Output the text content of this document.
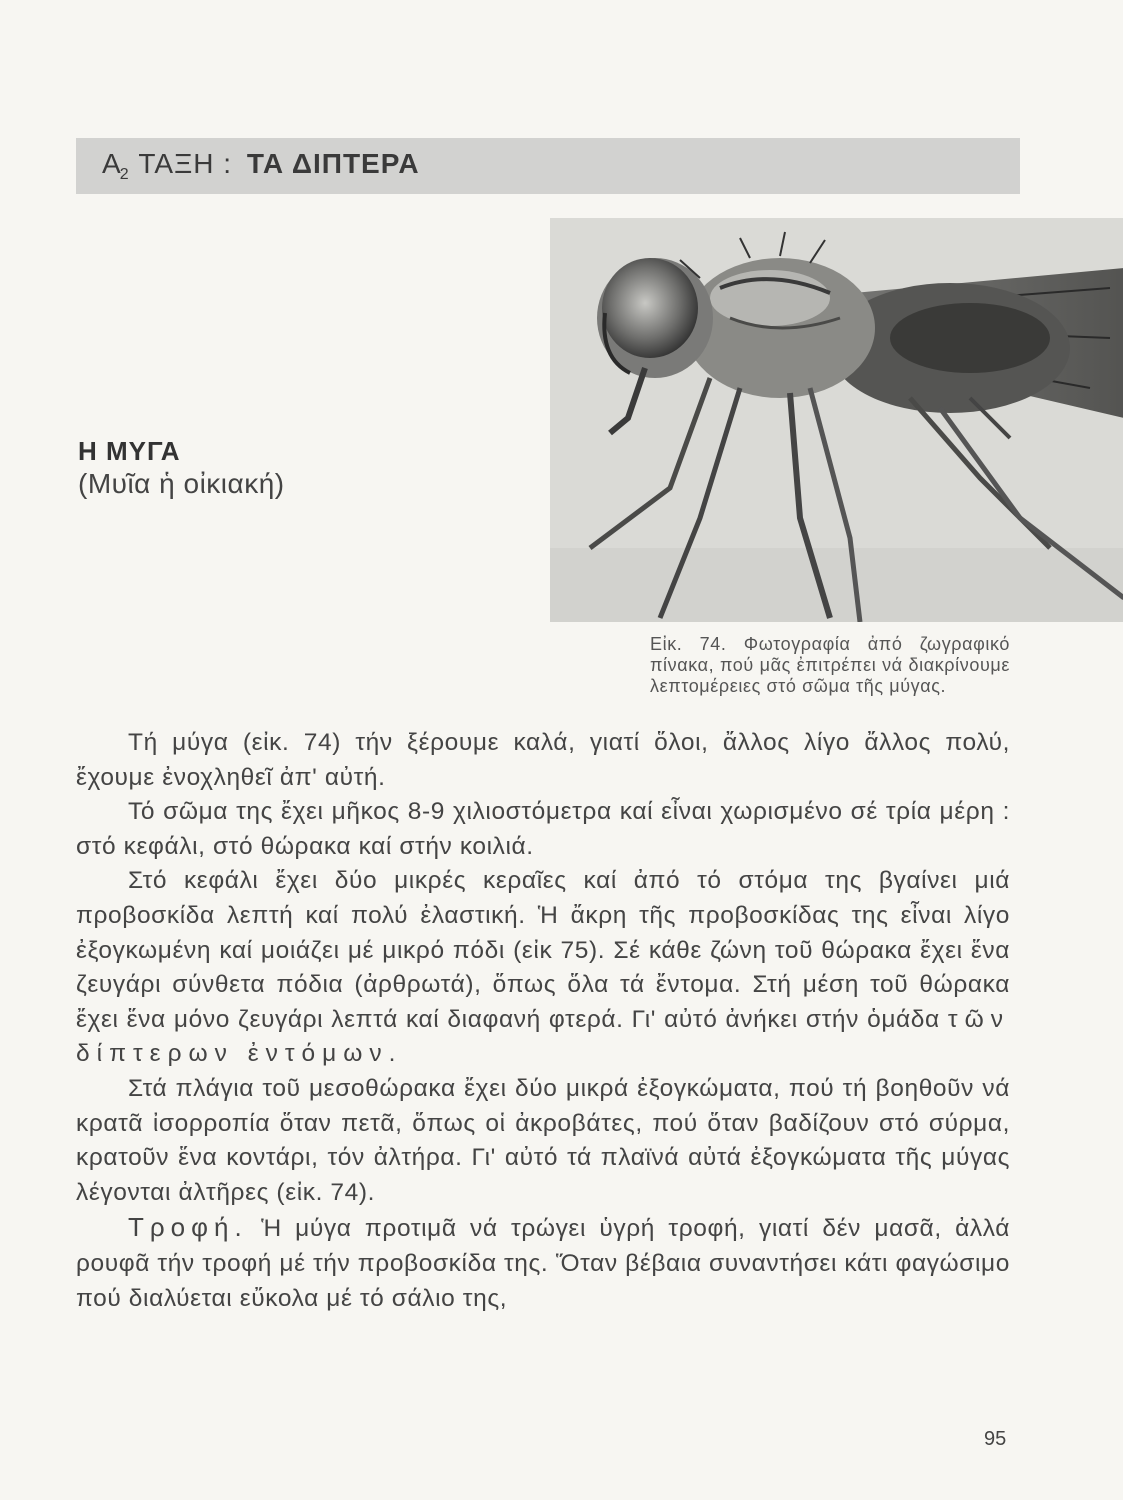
$A_2$ ΤΑΞΗ : ΤΑ ΔΙΠΤΕΡΑ
Η ΜΥΓΑ
(Μυῖα ἡ οἰκιακή)
Εἰκ. 74. Φωτογραφία ἀπό ζωγραφικό πίνακα, πού μᾶς ἐπιτρέπει νά διακρίνουμε λεπτομέρειες στό σῶμα τῆς μύγας.

Τή μύγα (εἰκ. 74) τήν ξέρουμε καλά, γιατί ὅλοι, ἄλλος λίγο ἄλλος πολύ, ἔχουμε ἐνοχληθεῖ ἀπ' αὐτή.

Τό σῶμα της ἔχει μῆκος 8-9 χιλιοστόμετρα καί εἶναι χωρισμένο σέ τρία μέρη : στό κεφάλι, στό θώρακα καί στήν κοιλιά.

Στό κεφάλι ἔχει δύο μικρές κεραῖες καί ἀπό τό στόμα της βγαίνει μιά προβοσκίδα λεπτή καί πολύ ἐλαστική. Ἡ ἄκρη τῆς προβοσκίδας της εἶναι λίγο ἐξογκωμένη καί μοιάζει μέ μικρό πόδι (εἰκ 75). Σέ κάθε ζώνη τοῦ θώρακα ἔχει ἕνα ζευγάρι σύνθετα πόδια (ἀρθρωτά), ὅπως ὅλα τά ἔντομα. Στή μέση τοῦ θώρακα ἔχει ἕνα μόνο ζευγάρι λεπτά καί διαφανή φτερά. Γι' αὐτό ἀνήκει στήν ὁμάδα τῶν δίπτερων ἐντόμων.

Στά πλάγια τοῦ μεσοθώρακα ἔχει δύο μικρά ἐξογκώματα, πού τή βοηθοῦν νά κρατᾶ ἰσορροπία ὅταν πετᾶ, ὅπως οἱ ἀκροβάτες, πού ὅταν βαδίζουν στό σύρμα, κρατοῦν ἕνα κοντάρι, τόν ἀλτήρα. Γι' αὐτό τά πλαϊνά αὐτά ἐξογκώματα τῆς μύγας λέγονται ἀλτῆρες (εἰκ. 74).

Τροφή. Ἡ μύγα προτιμᾶ νά τρώγει ὑγρή τροφή, γιατί δέν μασᾶ, ἀλλά ρουφᾶ τήν τροφή μέ τήν προβοσκίδα της. Ὅταν βέβαια συναντήσει κάτι φαγώσιμο πού διαλύεται εὔκολα μέ τό σάλιο της,

95
